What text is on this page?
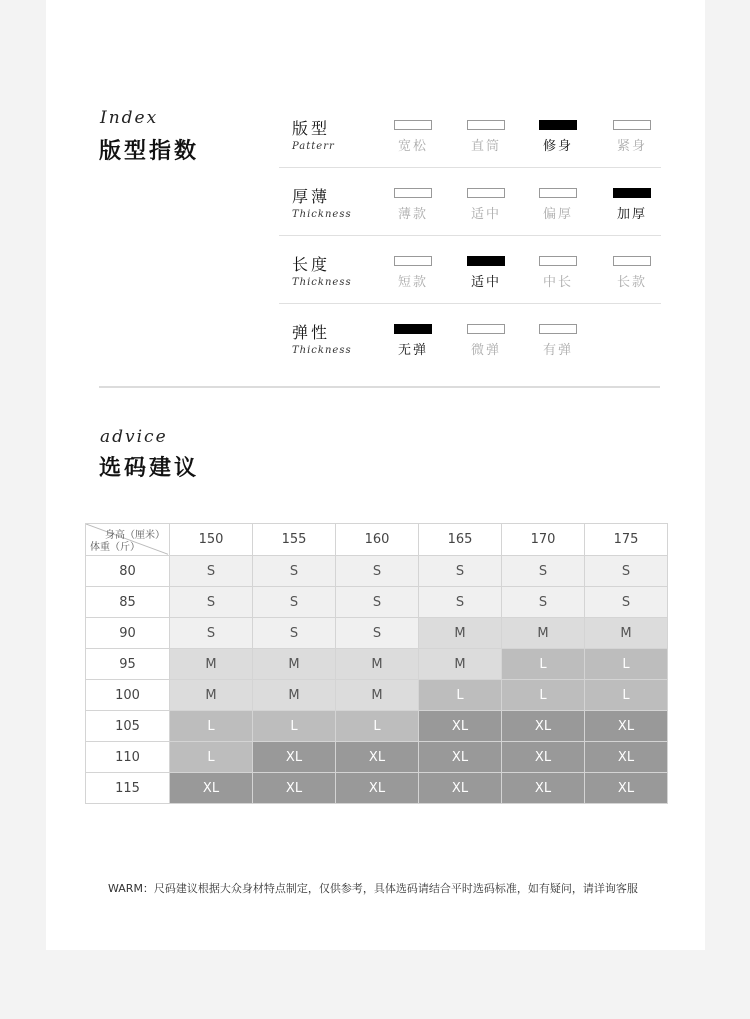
Index
版型指数
版型
Patterr	宽松	直筒	修身	紧身
厚薄
Thickness	薄款	适中	偏厚	加厚
长度
Thickness	短款	适中	中长	长款
弹性
Thickness	无弹	微弹	有弹
advice
选码建议
身高（厘米）
体重（斤）	150	155	160	165	170	175
80	S	S	S	S	S	S
85	S	S	S	S	S	S
90	S	S	S	M	M	M
95	M	M	M	M	L	L
100	M	M	M	L	L	L
105	L	L	L	XL	XL	XL
110	L	XL	XL	XL	XL	XL
115	XL	XL	XL	XL	XL	XL
WARM：尺码建议根据大众身材特点制定，仅供参考，具体选码请结合平时选码标准，如有疑问，请详询客服
